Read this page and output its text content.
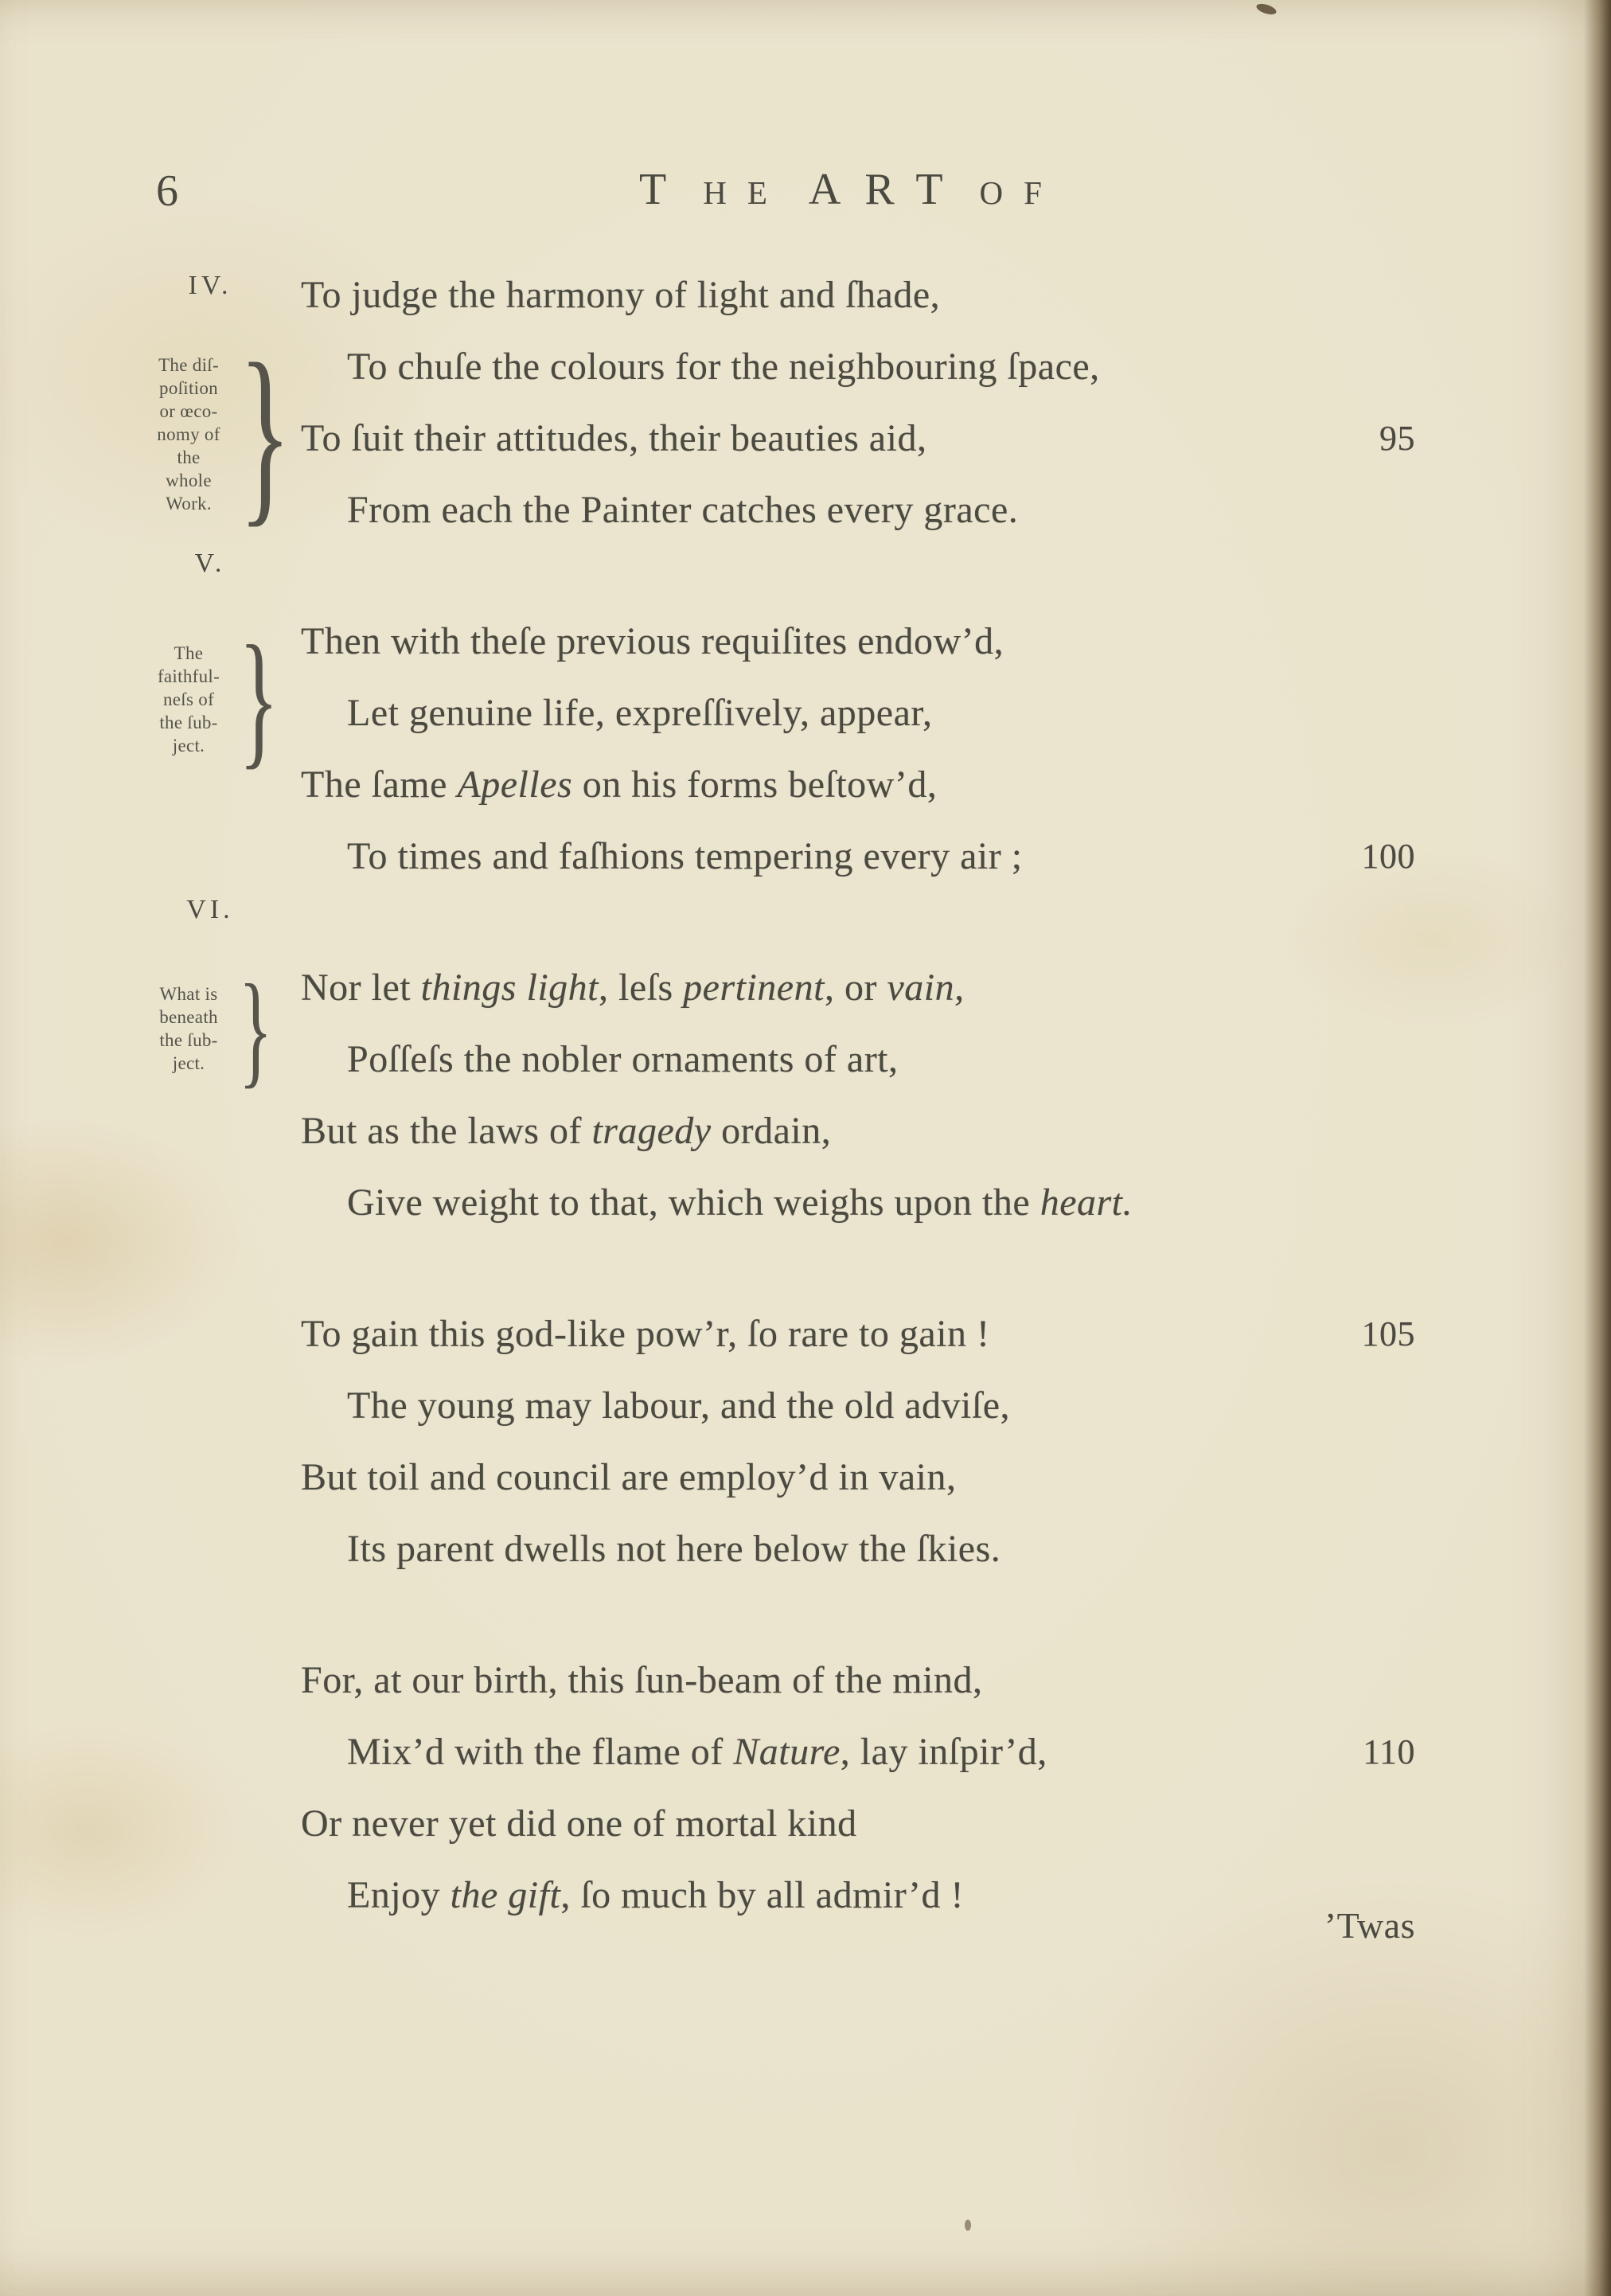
6	T HE ART OF
IV.
The diſ-
poſition
or œco-
nomy of
the
whole
Work. }
To judge the harmony of light and ſhade,
To chuſe the colours for the neighbouring ſpace,
To ſuit their attitudes, their beauties aid,	95
From each the Painter catches every grace.
V.
The
faithful-
neſs of
the ſub-
ject. } Then with theſe previous requiſites endow’d,
Let genuine life, expreſſively, appear,
The ſame Apelles on his forms beſtow’d,
To times and faſhions tempering every air ;	100
VI.
What is
beneath
the ſub-
ject. } Nor let things light, leſs pertinent, or vain,
Poſſeſs the nobler ornaments of art,
But as the laws of tragedy ordain,
Give weight to that, which weighs upon the heart.
To gain this god-like pow’r, ſo rare to gain !	105
The young may labour, and the old adviſe,
But toil and council are employ’d in vain,
Its parent dwells not here below the ſkies.
For, at our birth, this ſun-beam of the mind,
Mix’d with the flame of Nature, lay inſpir’d,	110
Or never yet did one of mortal kind
Enjoy the gift, ſo much by all admir’d !
’Twas
